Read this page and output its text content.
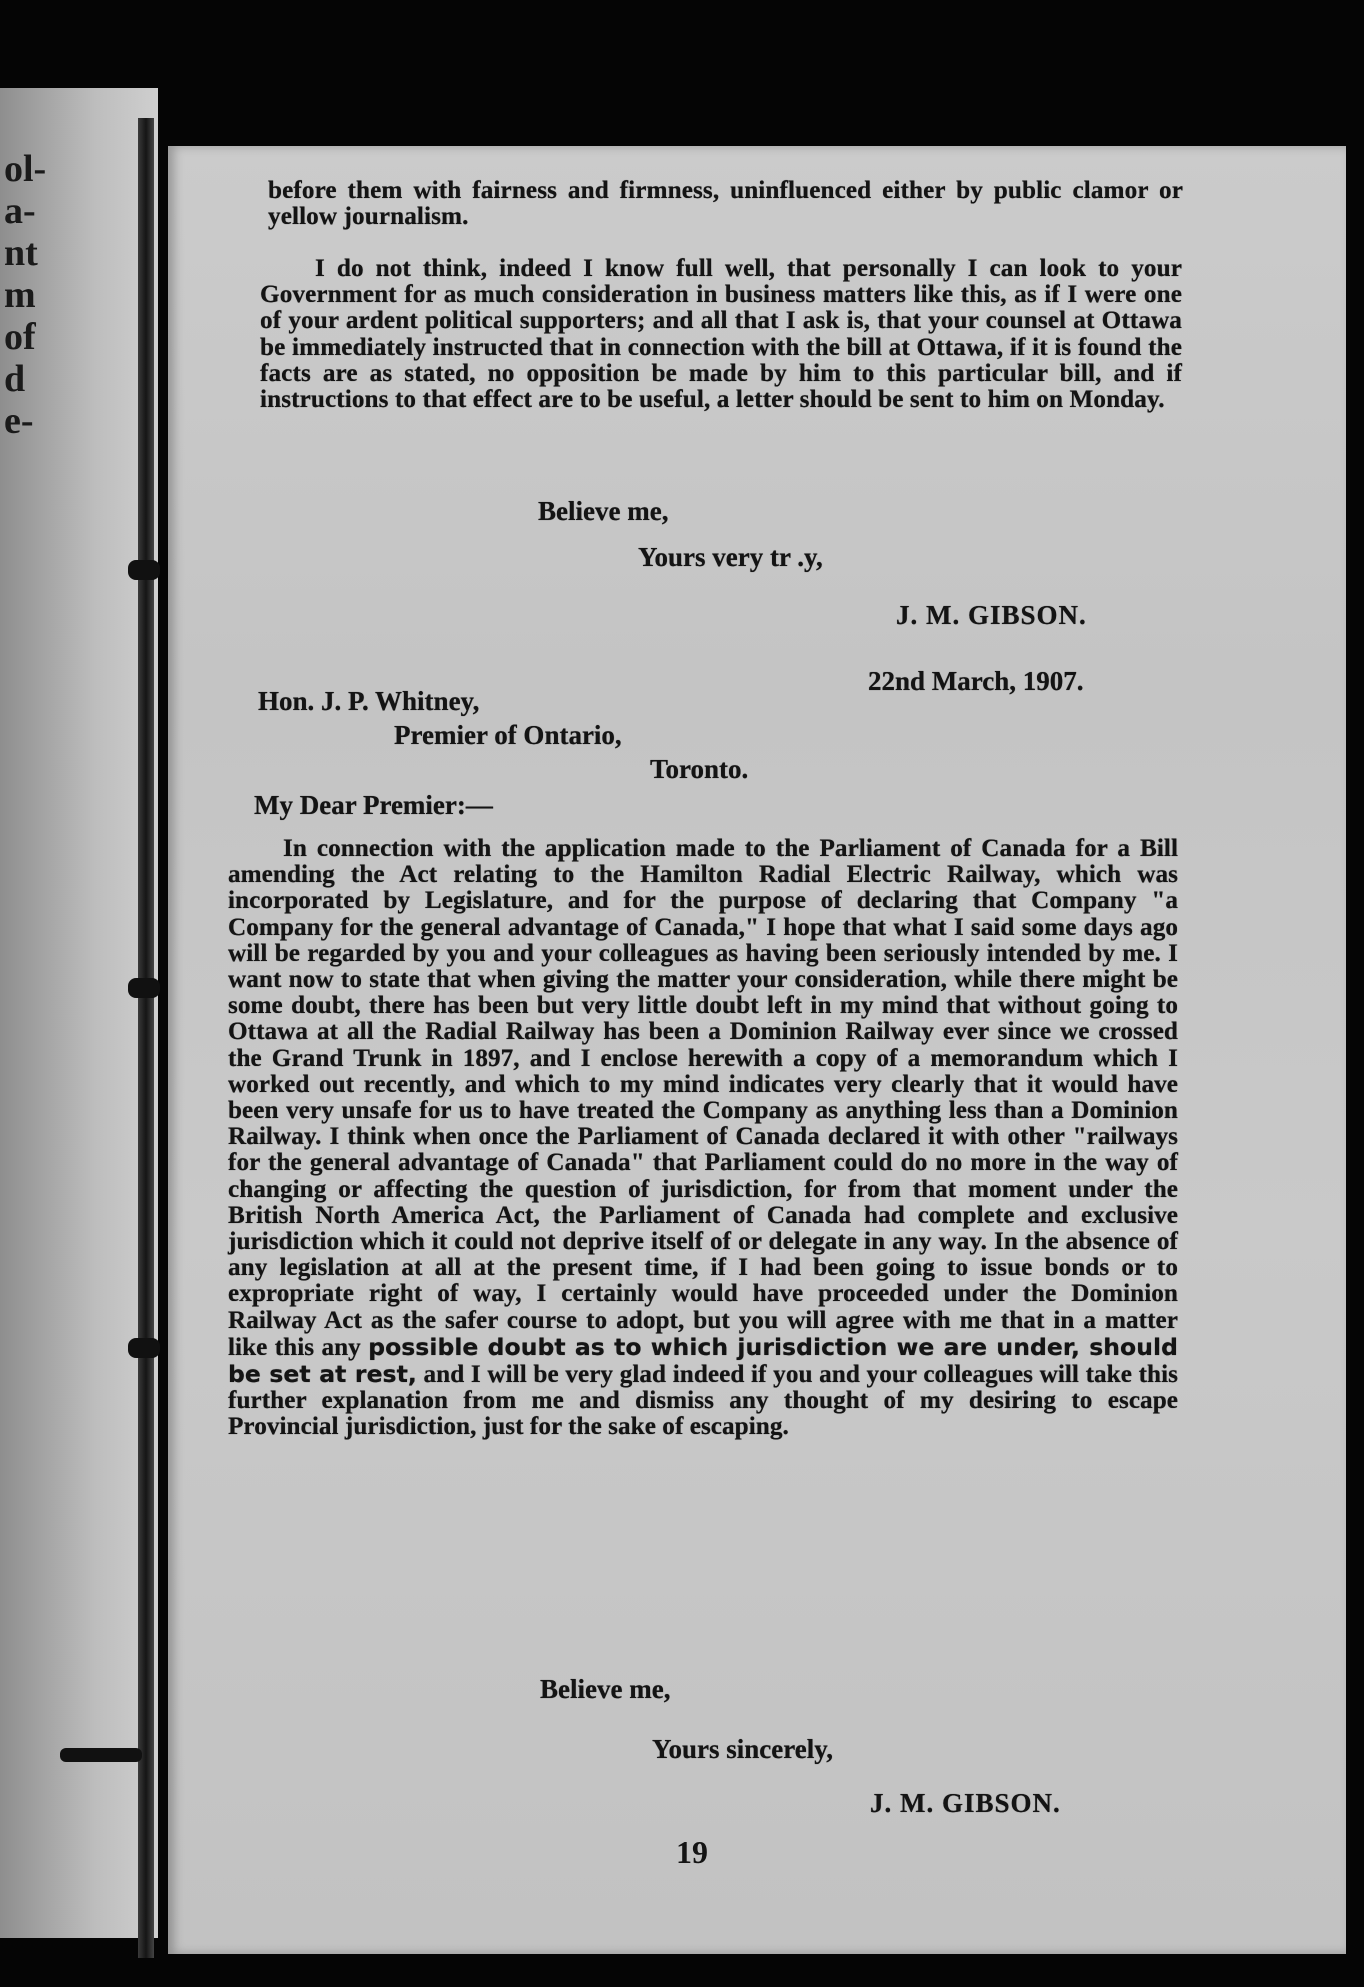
ol-
a-
nt
m
of
d
e-
before them with fairness and firmness, uninfluenced either by public clamor or yellow journalism.
I do not think, indeed I know full well, that personally I can look to your Government for as much consideration in business matters like this, as if I were one of your ardent political supporters; and all that I ask is, that your counsel at Ottawa be immediately instructed that in connection with the bill at Ottawa, if it is found the facts are as stated, no opposition be made by him to this particular bill, and if instructions to that effect are to be useful, a letter should be sent to him on Monday.
Believe me,
Yours very tr .y,
J. M. GIBSON.
22nd March, 1907.
Hon. J. P. Whitney,
Premier of Ontario,
Toronto.
My Dear Premier:—
In connection with the application made to the Parliament of Canada for a Bill amending the Act relating to the Hamilton Radial Electric Railway, which was incorporated by Legislature, and for the purpose of declaring that Company "a Company for the general advantage of Canada," I hope that what I said some days ago will be regarded by you and your colleagues as having been seriously intended by me. I want now to state that when giving the matter your consideration, while there might be some doubt, there has been but very little doubt left in my mind that without going to Ottawa at all the Radial Railway has been a Dominion Railway ever since we crossed the Grand Trunk in 1897, and I enclose herewith a copy of a memorandum which I worked out recently, and which to my mind indicates very clearly that it would have been very unsafe for us to have treated the Company as anything less than a Dominion Railway. I think when once the Parliament of Canada declared it with other "railways for the general advantage of Canada" that Parliament could do no more in the way of changing or affecting the question of jurisdiction, for from that moment under the British North America Act, the Parliament of Canada had complete and exclusive jurisdiction which it could not deprive itself of or delegate in any way. In the absence of any legislation at all at the present time, if I had been going to issue bonds or to expropriate right of way, I certainly would have proceeded under the Dominion Railway Act as the safer course to adopt, but you will agree with me that in a matter like this any possible doubt as to which jurisdiction we are under, should be set at rest, and I will be very glad indeed if you and your colleagues will take this further explanation from me and dismiss any thought of my desiring to escape Provincial jurisdiction, just for the sake of escaping.
Believe me,
Yours sincerely,
J. M. GIBSON.
19
